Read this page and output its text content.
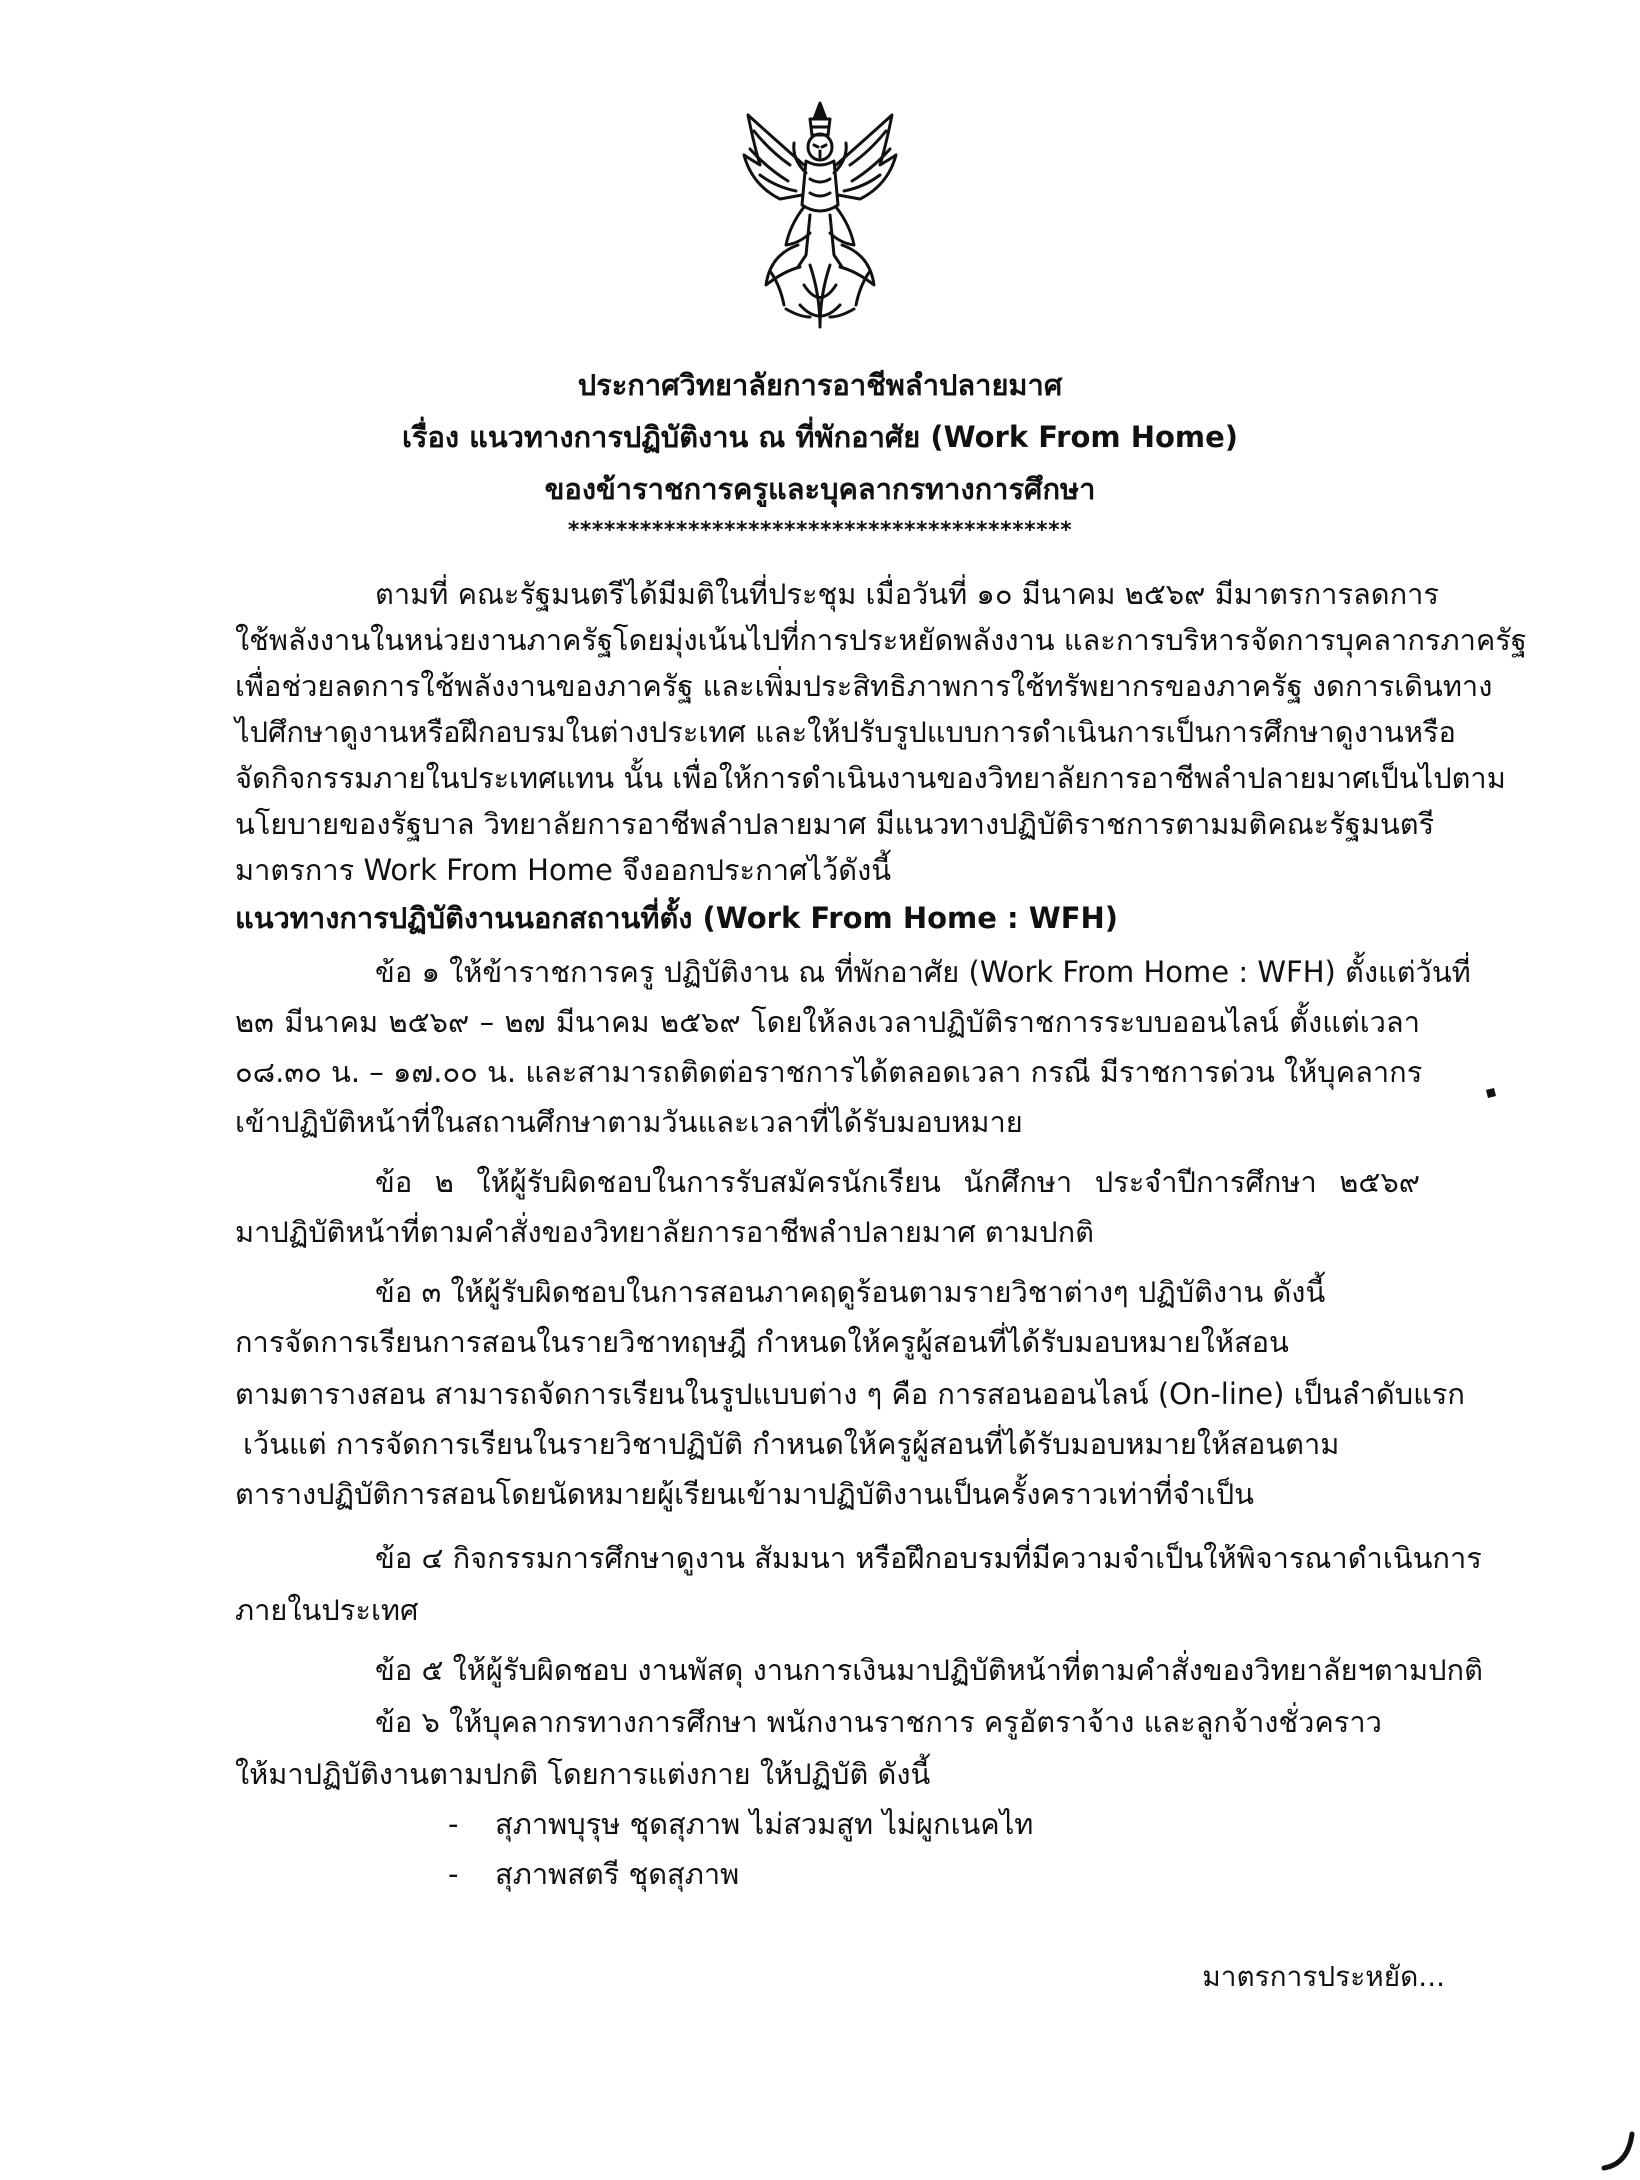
ประกาศวิทยาลัยการอาชีพลำปลายมาศ
เรื่อง แนวทางการปฏิบัติงาน ณ ที่พักอาศัย (Work From Home)
ของข้าราชการครูและบุคลากรทางการศึกษา
******************************************
ตามที่ คณะรัฐมนตรีได้มีมติในที่ประชุม เมื่อวันที่ ๑๐ มีนาคม ๒๕๖๙ มีมาตรการลดการ
ใช้พลังงานในหน่วยงานภาครัฐโดยมุ่งเน้นไปที่การประหยัดพลังงาน และการบริหารจัดการบุคลากรภาครัฐ
เพื่อช่วยลดการใช้พลังงานของภาครัฐ และเพิ่มประสิทธิภาพการใช้ทรัพยากรของภาครัฐ งดการเดินทาง
ไปศึกษาดูงานหรือฝึกอบรมในต่างประเทศ และให้ปรับรูปแบบการดำเนินการเป็นการศึกษาดูงานหรือ
จัดกิจกรรมภายในประเทศแทน นั้น เพื่อให้การดำเนินงานของวิทยาลัยการอาชีพลำปลายมาศเป็นไปตาม
นโยบายของรัฐบาล วิทยาลัยการอาชีพลำปลายมาศ มีแนวทางปฏิบัติราชการตามมติคณะรัฐมนตรี
มาตรการ Work From Home จึงออกประกาศไว้ดังนี้
แนวทางการปฏิบัติงานนอกสถานที่ตั้ง (Work From Home : WFH)
ข้อ ๑ ให้ข้าราชการครู ปฏิบัติงาน ณ ที่พักอาศัย (Work From Home : WFH) ตั้งแต่วันที่
๒๓ มีนาคม ๒๕๖๙ – ๒๗ มีนาคม ๒๕๖๙ โดยให้ลงเวลาปฏิบัติราชการระบบออนไลน์ ตั้งแต่เวลา
๐๘.๓๐ น. – ๑๗.๐๐ น. และสามารถติดต่อราชการได้ตลอดเวลา กรณี มีราชการด่วน ให้บุคลากร
เข้าปฏิบัติหน้าที่ในสถานศึกษาตามวันและเวลาที่ได้รับมอบหมาย
ข้อ ๒ ให้ผู้รับผิดชอบในการรับสมัครนักเรียน นักศึกษา ประจำปีการศึกษา ๒๕๖๙
มาปฏิบัติหน้าที่ตามคำสั่งของวิทยาลัยการอาชีพลำปลายมาศ ตามปกติ
ข้อ ๓ ให้ผู้รับผิดชอบในการสอนภาคฤดูร้อนตามรายวิชาต่างๆ ปฏิบัติงาน ดังนี้
การจัดการเรียนการสอนในรายวิชาทฤษฎี กำหนดให้ครูผู้สอนที่ได้รับมอบหมายให้สอน
ตามตารางสอน สามารถจัดการเรียนในรูปแบบต่าง ๆ คือ การสอนออนไลน์ (On-line) เป็นลำดับแรก
เว้นแต่ การจัดการเรียนในรายวิชาปฏิบัติ กำหนดให้ครูผู้สอนที่ได้รับมอบหมายให้สอนตาม
ตารางปฏิบัติการสอนโดยนัดหมายผู้เรียนเข้ามาปฏิบัติงานเป็นครั้งคราวเท่าที่จำเป็น
ข้อ ๔ กิจกรรมการศึกษาดูงาน สัมมนา หรือฝึกอบรมที่มีความจำเป็นให้พิจารณาดำเนินการ
ภายในประเทศ
ข้อ ๕ ให้ผู้รับผิดชอบ งานพัสดุ งานการเงินมาปฏิบัติหน้าที่ตามคำสั่งของวิทยาลัยฯตามปกติ
ข้อ ๖ ให้บุคลากรทางการศึกษา พนักงานราชการ ครูอัตราจ้าง และลูกจ้างชั่วคราว
ให้มาปฏิบัติงานตามปกติ โดยการแต่งกาย ให้ปฏิบัติ ดังนี้
- สุภาพบุรุษ ชุดสุภาพ ไม่สวมสูท ไม่ผูกเนคไท
- สุภาพสตรี ชุดสุภาพ
มาตรการประหยัด...
